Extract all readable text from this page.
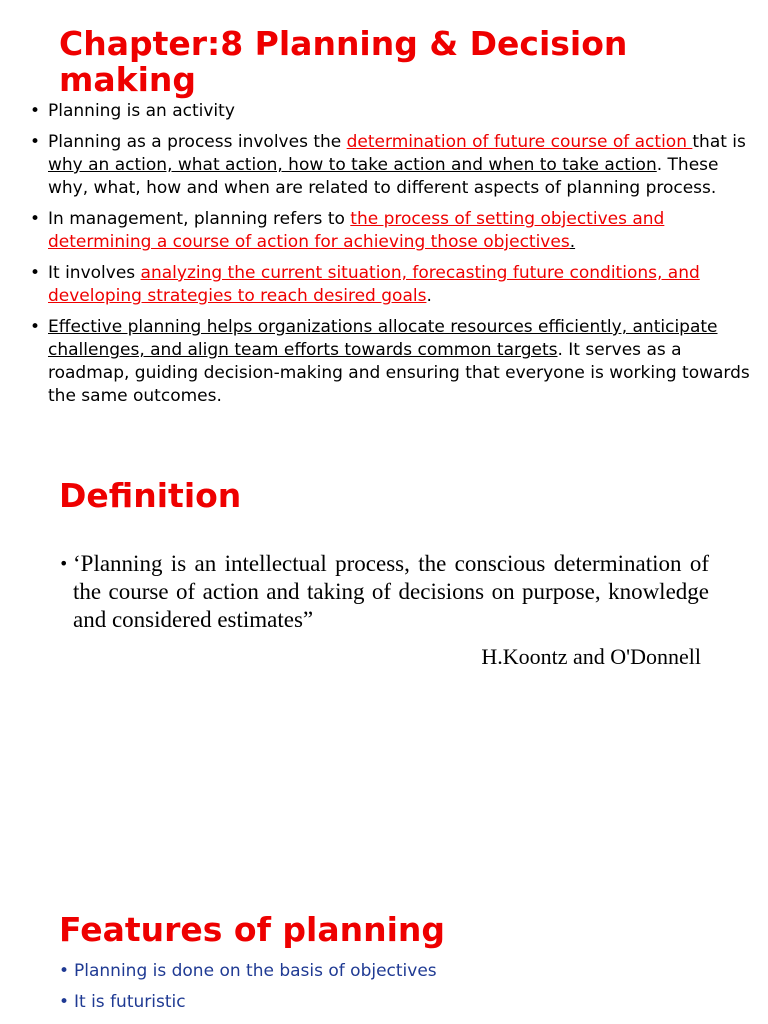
Chapter:8 Planning & Decision making
• Planning is an activity
• Planning as a process involves the determination of future course of action that is why an action, what action, how to take action and when to take action. These why, what, how and when are related to different aspects of planning process.
• In management, planning refers to the process of setting objectives and determining a course of action for achieving those objectives.
• It involves analyzing the current situation, forecasting future conditions, and developing strategies to reach desired goals.
• Effective planning helps organizations allocate resources efficiently, anticipate challenges, and align team efforts towards common targets. It serves as a roadmap, guiding decision-making and ensuring that everyone is working towards the same outcomes.
Definition
• ‘Planning is an intellectual process, the conscious determination of the course of action and taking of decisions on purpose, knowledge and considered estimates”
H.Koontz and O'Donnell
Features of planning
• Planning is done on the basis of objectives
• It is futuristic
